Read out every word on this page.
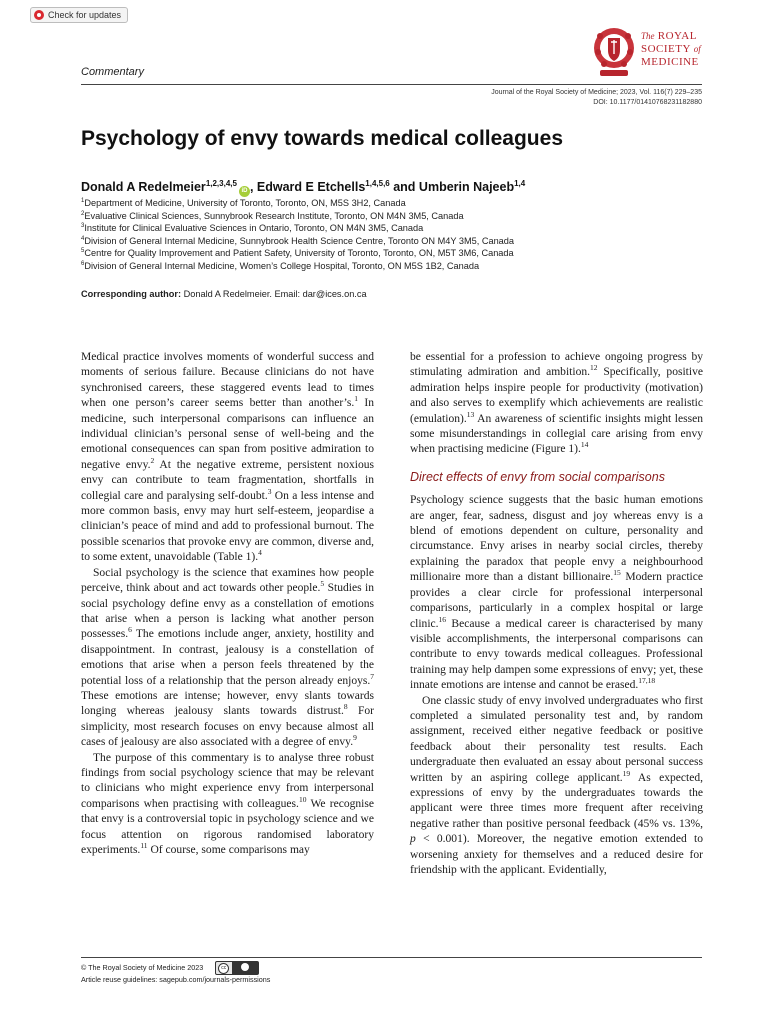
Check for updates
The ROYAL
SOCIETY of
MEDICINE
Commentary
Journal of the Royal Society of Medicine; 2023, Vol. 116(7) 229–235
DOI: 10.1177/01410768231182880
Psychology of envy towards medical colleagues
Donald A Redelmeier$^{1,2,3,4,5}$iD , Edward E Etchells$^{1,4,5,6}$ and Umberin Najeeb$^{1,4}$
$^1$Department of Medicine, University of Toronto, Toronto, ON, M5S 3H2, Canada
$^2$Evaluative Clinical Sciences, Sunnybrook Research Institute, Toronto, ON M4N 3M5, Canada
$^3$Institute for Clinical Evaluative Sciences in Ontario, Toronto, ON M4N 3M5, Canada
$^4$Division of General Internal Medicine, Sunnybrook Health Science Centre, Toronto ON M4Y 3M5, Canada
$^5$Centre for Quality Improvement and Patient Safety, University of Toronto, Toronto, ON, M5T 3M6, Canada
$^6$Division of General Internal Medicine, Women’s College Hospital, Toronto, ON M5S 1B2, Canada
Corresponding author: Donald A Redelmeier. Email: dar@ices.on.ca

Medical practice involves moments of wonderful success and moments of serious failure. Because clinicians do not have synchronised careers, these staggered events lead to times when one person’s career seems better than another’s.$^1$ In medicine, such interpersonal comparisons can influence an individual clinician’s personal sense of well-being and the emotional consequences can span from positive admiration to negative envy.$^2$ At the negative extreme, persistent noxious envy can contribute to team fragmentation, shortfalls in collegial care and paralysing self-doubt.$^3$ On a less intense and more common basis, envy may hurt self-esteem, jeopardise a clinician’s peace of mind and add to professional burnout. The possible scenarios that provoke envy are common, diverse and, to some extent, unavoidable (Table 1).$^4$

Social psychology is the science that examines how people perceive, think about and act towards other people.$^5$ Studies in social psychology define envy as a constellation of emotions that arise when a person is lacking what another person possesses.$^6$ The emotions include anger, anxiety, hostility and disappointment. In contrast, jealousy is a constellation of emotions that arise when a person feels threatened by the potential loss of a relationship that the person already enjoys.$^7$ These emotions are intense; however, envy slants towards longing whereas jealousy slants towards distrust.$^8$ For simplicity, most research focuses on envy because almost all cases of jealousy are also associated with a degree of envy.$^9$

The purpose of this commentary is to analyse three robust findings from social psychology science that may be relevant to clinicians who might experience envy from interpersonal comparisons when practising with colleagues.$^{10}$ We recognise that envy is a controversial topic in psychology science and we focus attention on rigorous randomised laboratory experiments.$^{11}$ Of course, some comparisons may

be essential for a profession to achieve ongoing progress by stimulating admiration and ambition.$^{12}$ Specifically, positive admiration helps inspire people for productivity (motivation) and also serves to exemplify which achievements are realistic (emulation).$^{13}$ An awareness of scientific insights might lessen some misunderstandings in collegial care arising from envy when practising medicine (Figure 1).$^{14}$

Direct effects of envy from social comparisons

Psychology science suggests that the basic human emotions are anger, fear, sadness, disgust and joy whereas envy is a blend of emotions dependent on culture, personality and circumstance. Envy arises in nearby social circles, thereby explaining the paradox that people envy a neighbourhood millionaire more than a distant billionaire.$^{15}$ Modern practice provides a clear circle for professional interpersonal comparisons, particularly in a complex hospital or large clinic.$^{16}$ Because a medical career is characterised by many visible accomplishments, the interpersonal comparisons can contribute to envy towards medical colleagues. Professional training may help dampen some expressions of envy; yet, these innate emotions are intense and cannot be erased.$^{17,18}$

One classic study of envy involved undergraduates who first completed a simulated personality test and, by random assignment, received either negative feedback or positive feedback about their personality test results. Each undergraduate then evaluated an essay about personal success written by an aspiring college applicant.$^{19}$ As expected, expressions of envy by the undergraduates towards the applicant were three times more frequent after receiving negative rather than positive personal feedback (45% vs. 13%, p < 0.001). Moreover, the negative emotion extended to worsening anxiety for themselves and a reduced desire for friendship with the applicant. Evidentially,

© The Royal Society of Medicine 2023	cc
Article reuse guidelines: sagepub.com/journals-permissions
